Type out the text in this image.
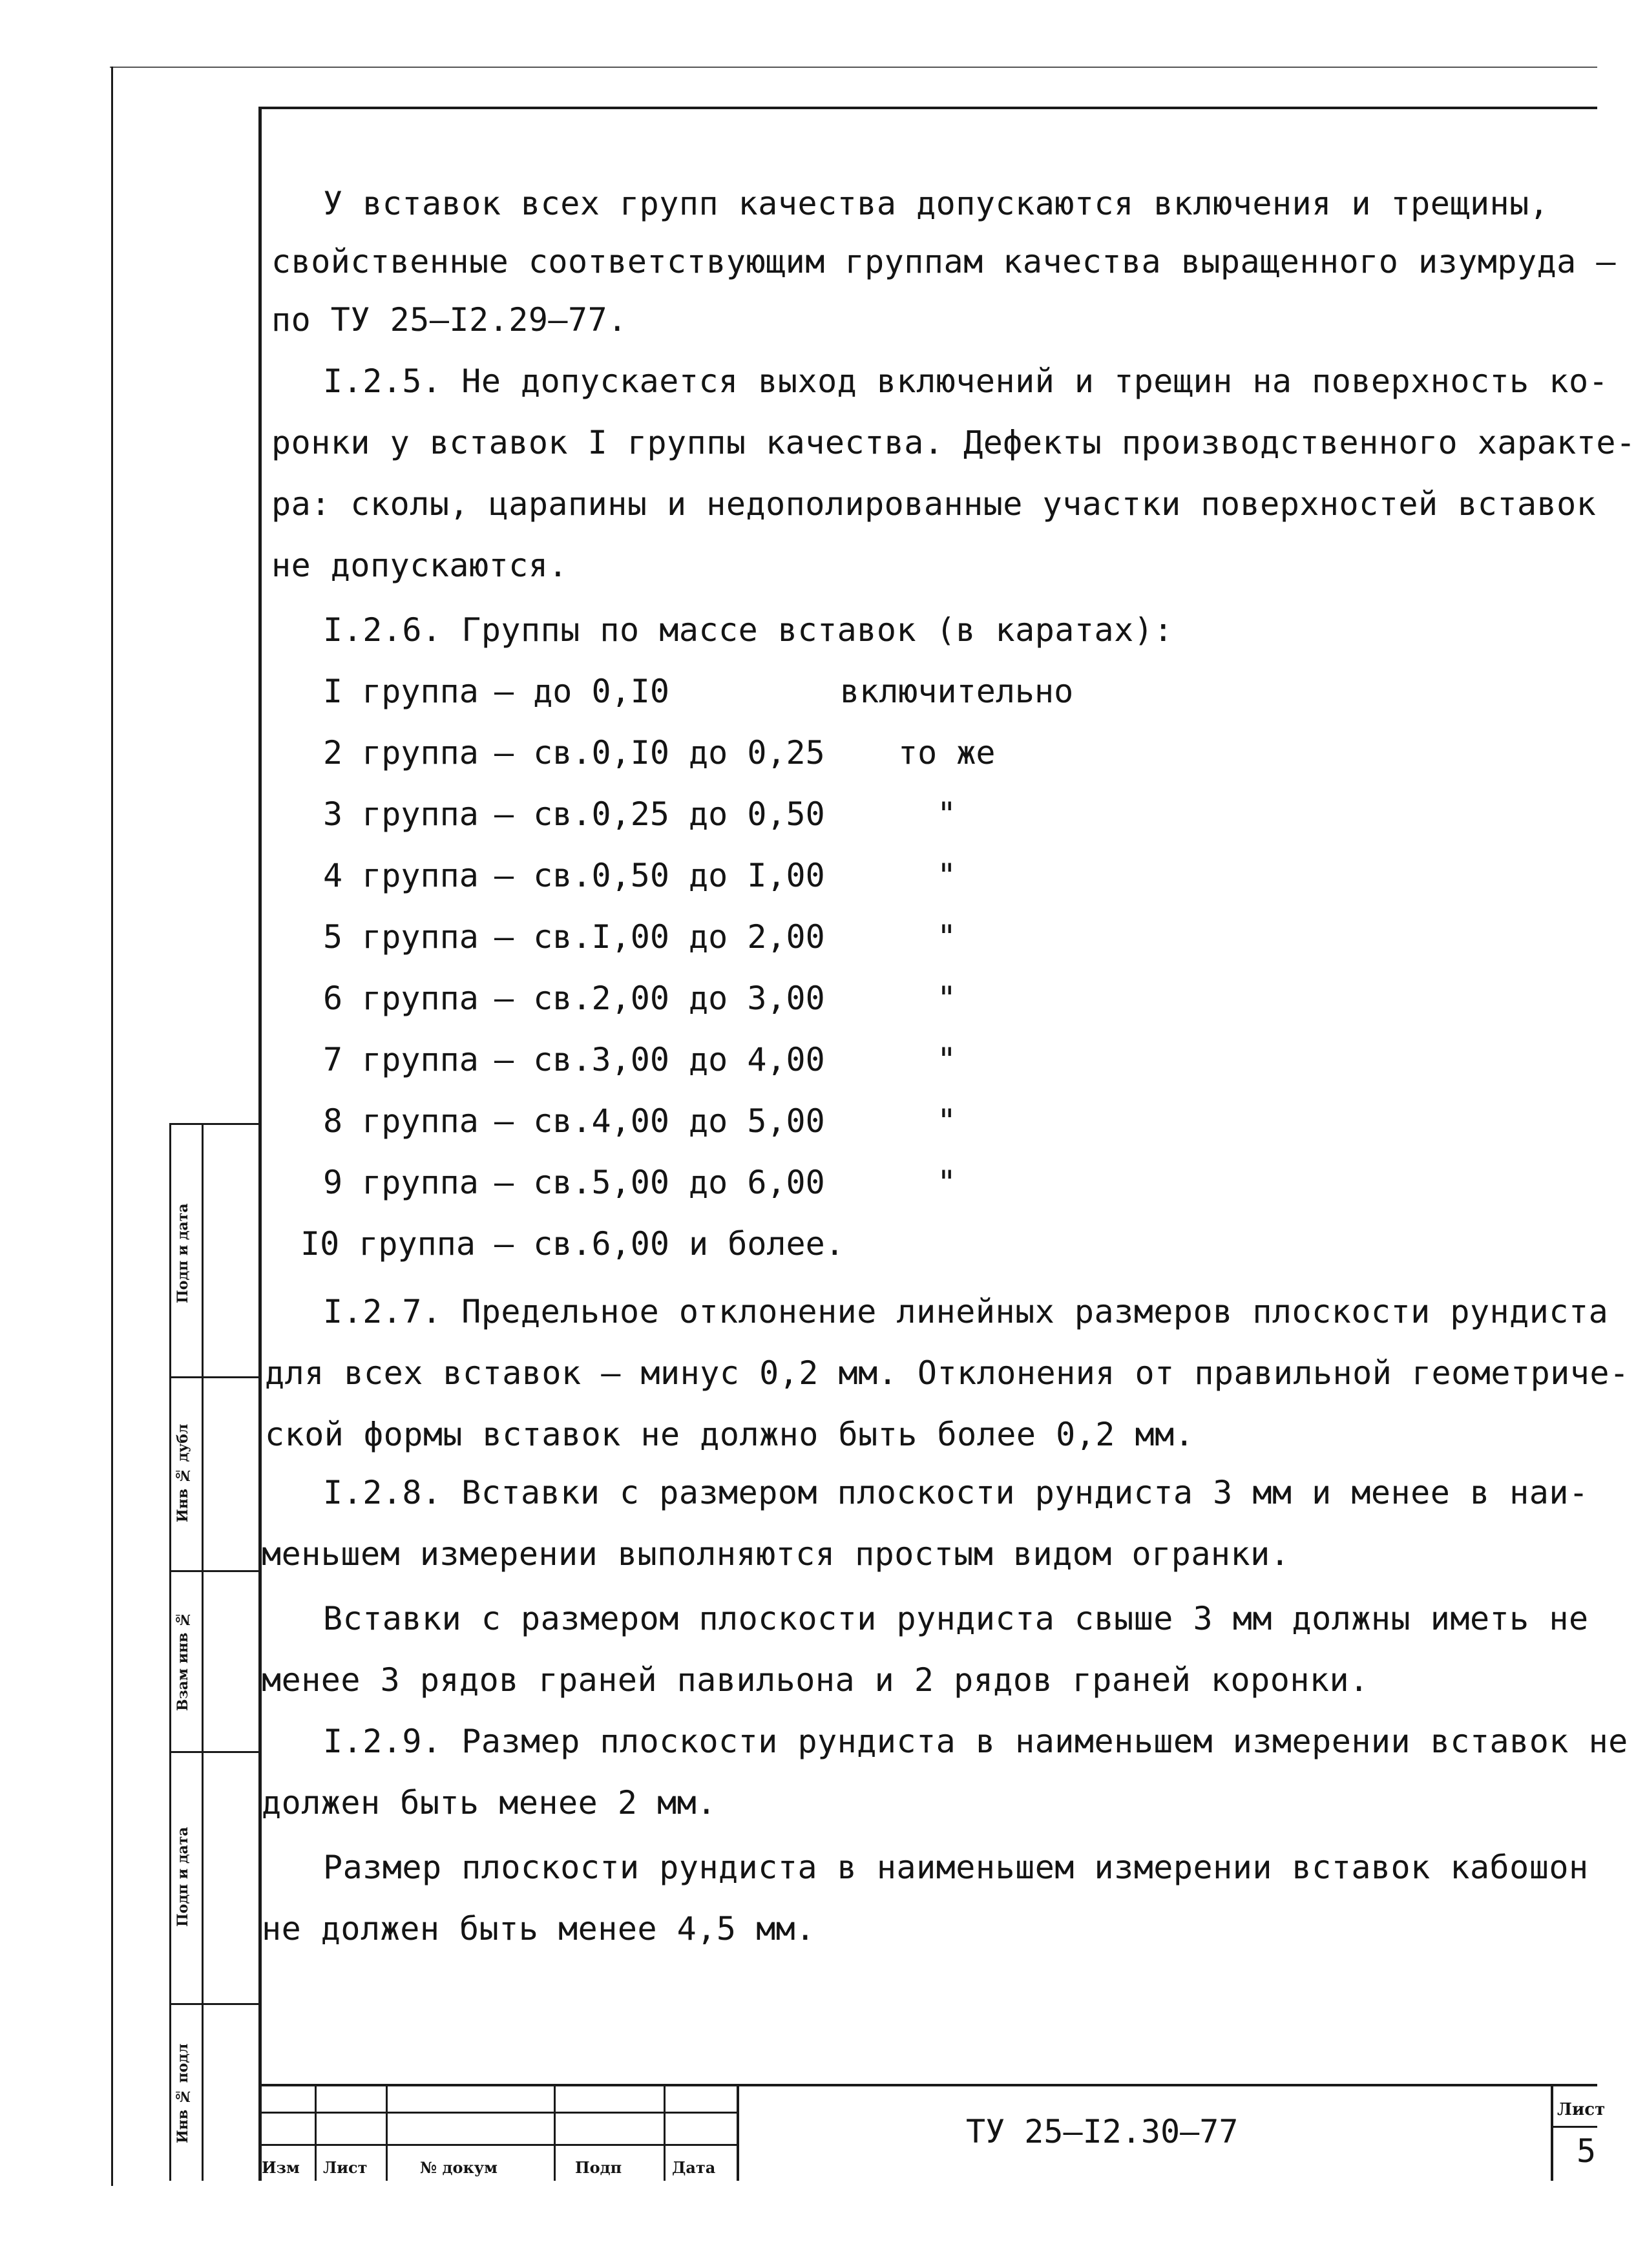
Подп и дата
Инв № дубл
Взам инв №
Подп и дата
Инв № подл
У вставок всех групп качества допускаются включения и трещины,
свойственные соответствующим группам качества выращенного изумруда –
по ТУ 25–I2.29–77.
I.2.5. Не допускается выход включений и трещин на поверхность ко-
ронки у вставок I группы качества. Дефекты производственного характе-
ра: сколы, царапины и недополированные участки поверхностей вставок
не допускаются.
I.2.6. Группы по массе вставок (в каратах):
I группа – до 0,I0	включительно
2 группа – св.0,I0 до 0,25 то же
3 группа – св.0,25 до 0,50	"
4 группа – св.0,50 до I,00	"
5 группа – св.I,00 до 2,00	"
6 группа – св.2,00 до 3,00	"
7 группа – св.3,00 до 4,00	"
8 группа – св.4,00 до 5,00	"
9 группа – св.5,00 до 6,00	"
I0 группа – св.6,00 и более.
I.2.7. Предельное отклонение линейных размеров плоскости рундиста
для всех вставок – минус 0,2 мм. Отклонения от правильной геометриче-
ской формы вставок не должно быть более 0,2 мм.
I.2.8. Вставки с размером плоскости рундиста 3 мм и менее в наи-
меньшем измерении выполняются простым видом огранки.
Вставки с размером плоскости рундиста свыше 3 мм должны иметь не
менее 3 рядов граней павильона и 2 рядов граней коронки.
I.2.9. Размер плоскости рундиста в наименьшем измерении вставок не
должен быть менее 2 мм.
Размер плоскости рундиста в наименьшем измерении вставок кабошон
не должен быть менее 4,5 мм.
Изм Лист	№ докум	Подп	Дата
ТУ 25–I2.30–77
Лист
5
